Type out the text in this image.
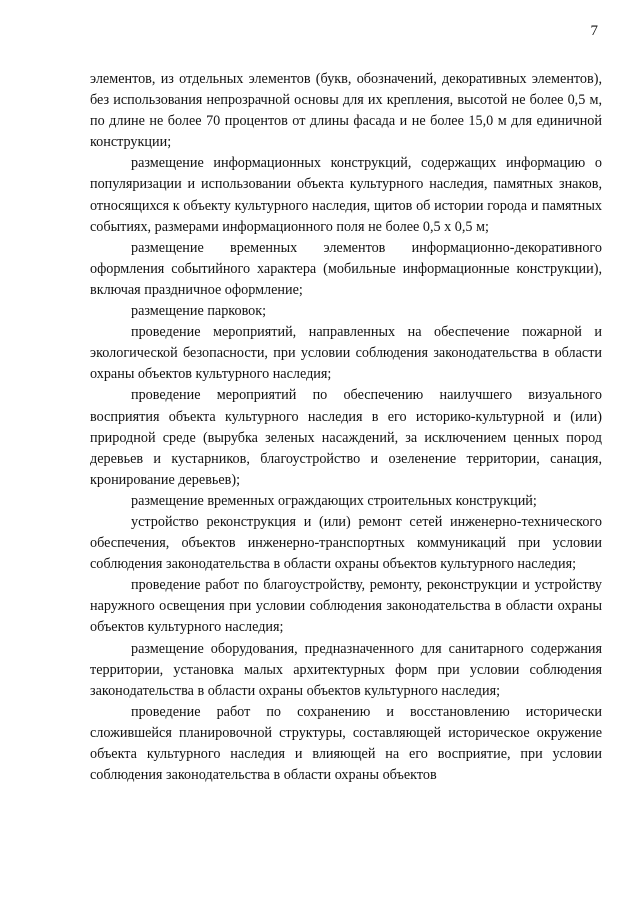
7

элементов, из отдельных элементов (букв, обозначений, декоративных элементов), без использования непрозрачной основы для их крепления, высотой не более 0,5 м, по длине не более 70 процентов от длины фасада и не более 15,0 м для единичной конструкции;

размещение информационных конструкций, содержащих информацию о популяризации и использовании объекта культурного наследия, памятных знаков, относящихся к объекту культурного наследия, щитов об истории города и памятных событиях, размерами информационного поля не более 0,5 х 0,5 м;

размещение временных элементов информационно-декоративного оформления событийного характера (мобильные информационные конструкции), включая праздничное оформление;

размещение парковок;

проведение мероприятий, направленных на обеспечение пожарной и экологической безопасности, при условии соблюдения законодательства в области охраны объектов культурного наследия;

проведение мероприятий по обеспечению наилучшего визуального восприятия объекта культурного наследия в его историко-культурной и (или) природной среде (вырубка зеленых насаждений, за исключением ценных пород деревьев и кустарников, благоустройство и озеленение территории, санация, кронирование деревьев);

размещение временных ограждающих строительных конструкций;

устройство реконструкция и (или) ремонт сетей инженерно-технического обеспечения, объектов инженерно-транспортных коммуникаций при условии соблюдения законодательства в области охраны объектов культурного наследия;

проведение работ по благоустройству, ремонту, реконструкции и устройству наружного освещения при условии соблюдения законодательства в области охраны объектов культурного наследия;

размещение оборудования, предназначенного для санитарного содержания территории, установка малых архитектурных форм при условии соблюдения законодательства в области охраны объектов культурного наследия;

проведение работ по сохранению и восстановлению исторически сложившейся планировочной структуры, составляющей историческое окружение объекта культурного наследия и влияющей на его восприятие, при условии соблюдения законодательства в области охраны объектов
